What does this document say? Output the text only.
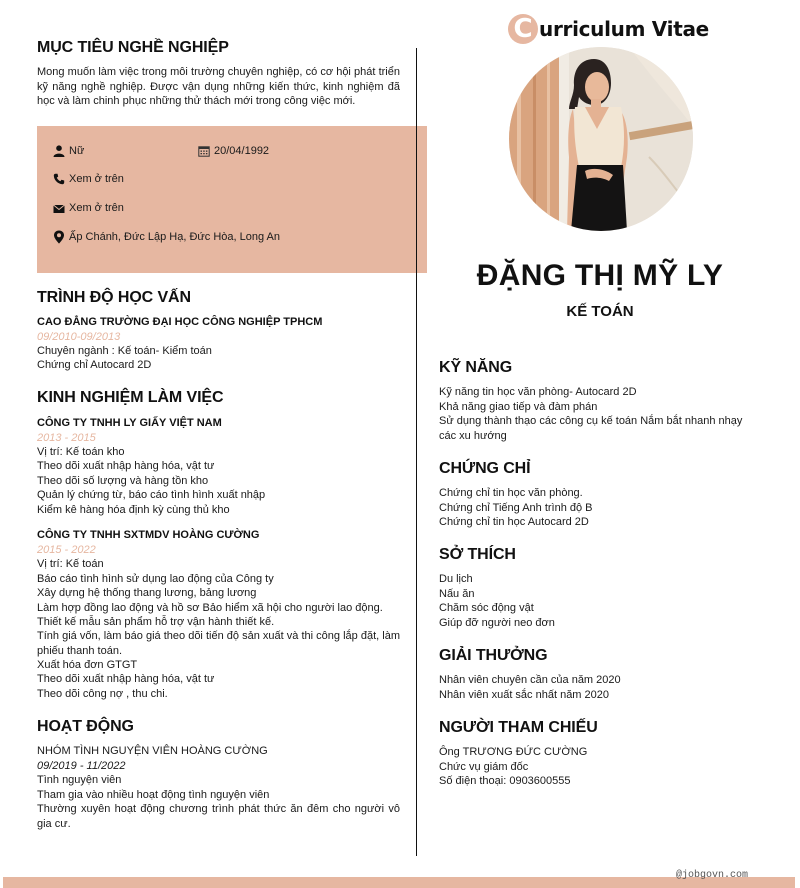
MỤC TIÊU NGHỀ NGHIỆP
Mong muốn làm việc trong môi trường chuyên nghiệp, có cơ hội phát triển kỹ năng nghề nghiệp. Được vận dụng những kiến thức, kinh nghiệm đã học và làm chinh phục những thử thách mới trong công việc mới.
Nữ	20/04/1992
Xem ở trên
Xem ở trên
Ấp Chánh, Đức Lập Hạ, Đức Hòa, Long An
TRÌNH ĐỘ HỌC VẤN
CAO ĐẲNG TRƯỜNG ĐẠI HỌC CÔNG NGHIỆP TPHCM
09/2010-09/2013
Chuyên ngành : Kế toán- Kiểm toán
Chứng chỉ Autocard 2D
KINH NGHIỆM LÀM VIỆC
CÔNG TY TNHH LY GIẤY VIỆT NAM
2013 - 2015
Vị trí: Kế toán kho
Theo dõi xuất nhập hàng hóa, vật tư
Theo dõi số lượng và hàng tồn kho
Quản lý chứng từ, báo cáo tình hình xuất nhập
Kiểm kê hàng hóa định kỳ cùng thủ kho
CÔNG TY TNHH SXTMDV HOÀNG CƯỜNG
2015 - 2022
Vị trí: Kế toán
Báo cáo tình hình sử dụng lao động của Công ty
Xây dựng hệ thống thang lương, bảng lương
Làm hợp đồng lao động và hồ sơ Bảo hiểm xã hội cho người lao động.
Thiết kế mẫu sản phẩm hỗ trợ vận hành thiết kế.
Tính giá vốn, làm báo giá theo dõi tiến độ sản xuất và thi công lắp đặt, làm phiếu thanh toán.
Xuất hóa đơn GTGT
Theo dõi xuất nhập hàng hóa, vật tư
Theo dõi công nợ , thu chi.
HOẠT ĐỘNG
NHÓM TÌNH NGUYỆN VIÊN HOÀNG CƯỜNG
09/2019 - 11/2022
Tình nguyện viên
Tham gia vào nhiều hoạt động tình nguyện viên
Thường xuyên hoạt động chương trình phát thức ăn đêm cho người vô gia cư.
C urriculum Vitae
ĐẶNG THỊ MỸ LY
KẾ TOÁN
KỸ NĂNG
Kỹ năng tin học văn phòng- Autocard 2D
Khả năng giao tiếp và đàm phán
Sử dụng thành thạo các công cụ kế toán Nắm bắt nhanh nhạy các xu hướng
CHỨNG CHỈ
Chứng chỉ tin học văn phòng.
Chứng chỉ Tiếng Anh trình độ B
Chứng chỉ tin học Autocard 2D
SỞ THÍCH
Du lịch
Nấu ăn
Chăm sóc động vật
Giúp đỡ người neo đơn
GIẢI THƯỞNG
Nhân viên chuyên cần của năm 2020
Nhân viên xuất sắc nhất năm 2020
NGƯỜI THAM CHIẾU
Ông TRƯƠNG ĐỨC CƯỜNG
Chức vụ giám đốc
Số điện thoại: 0903600555
@jobgovn.com
